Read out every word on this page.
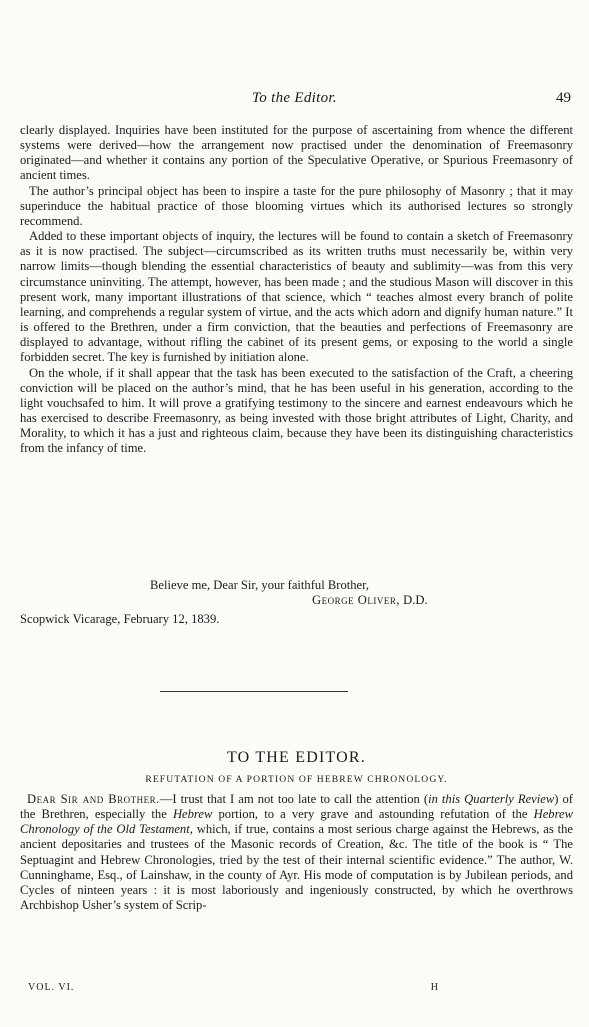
To the Editor.	49

clearly displayed. Inquiries have been instituted for the purpose of ascertaining from whence the different systems were derived—how the arrangement now practised under the denomination of Freemasonry originated—and whether it contains any portion of the Speculative Operative, or Spurious Freemasonry of ancient times.

The author’s principal object has been to inspire a taste for the pure philosophy of Masonry ; that it may superinduce the habitual practice of those blooming virtues which its authorised lectures so strongly recommend.

Added to these important objects of inquiry, the lectures will be found to contain a sketch of Freemasonry as it is now practised. The subject—circumscribed as its written truths must necessarily be, within very narrow limits—though blending the essential characteristics of beauty and sublimity—was from this very circumstance uninviting. The attempt, however, has been made ; and the studious Mason will discover in this present work, many important illustrations of that science, which “ teaches almost every branch of polite learning, and comprehends a regular system of virtue, and the acts which adorn and dignify human nature.” It is offered to the Brethren, under a firm conviction, that the beauties and perfections of Freemasonry are displayed to advantage, without rifling the cabinet of its present gems, or exposing to the world a single forbidden secret. The key is furnished by initiation alone.

On the whole, if it shall appear that the task has been executed to the satisfaction of the Craft, a cheering conviction will be placed on the author’s mind, that he has been useful in his generation, according to the light vouchsafed to him. It will prove a gratifying testimony to the sincere and earnest endeavours which he has exercised to describe Freemasonry, as being invested with those bright attributes of Light, Charity, and Morality, to which it has a just and righteous claim, because they have been its distinguishing characteristics from the infancy of time.

Believe me, Dear Sir, your faithful Brother,
George Oliver, D.D.
Scopwick Vicarage, February 12, 1839.
TO THE EDITOR.
REFUTATION OF A PORTION OF HEBREW CHRONOLOGY.

Dear Sir and Brother.—I trust that I am not too late to call the attention (in this Quarterly Review) of the Brethren, especially the Hebrew portion, to a very grave and astounding refutation of the Hebrew Chronology of the Old Testament, which, if true, contains a most serious charge against the Hebrews, as the ancient depositaries and trustees of the Masonic records of Creation, &c. The title of the book is “ The Septuagint and Hebrew Chronologies, tried by the test of their internal scientific evidence.” The author, W. Cunninghame, Esq., of Lainshaw, in the county of Ayr. His mode of computation is by Jubilean periods, and Cycles of ninteen years : it is most laboriously and ingeniously constructed, by which he overthrows Archbishop Usher’s system of Scrip-

VOL. VI.	H
